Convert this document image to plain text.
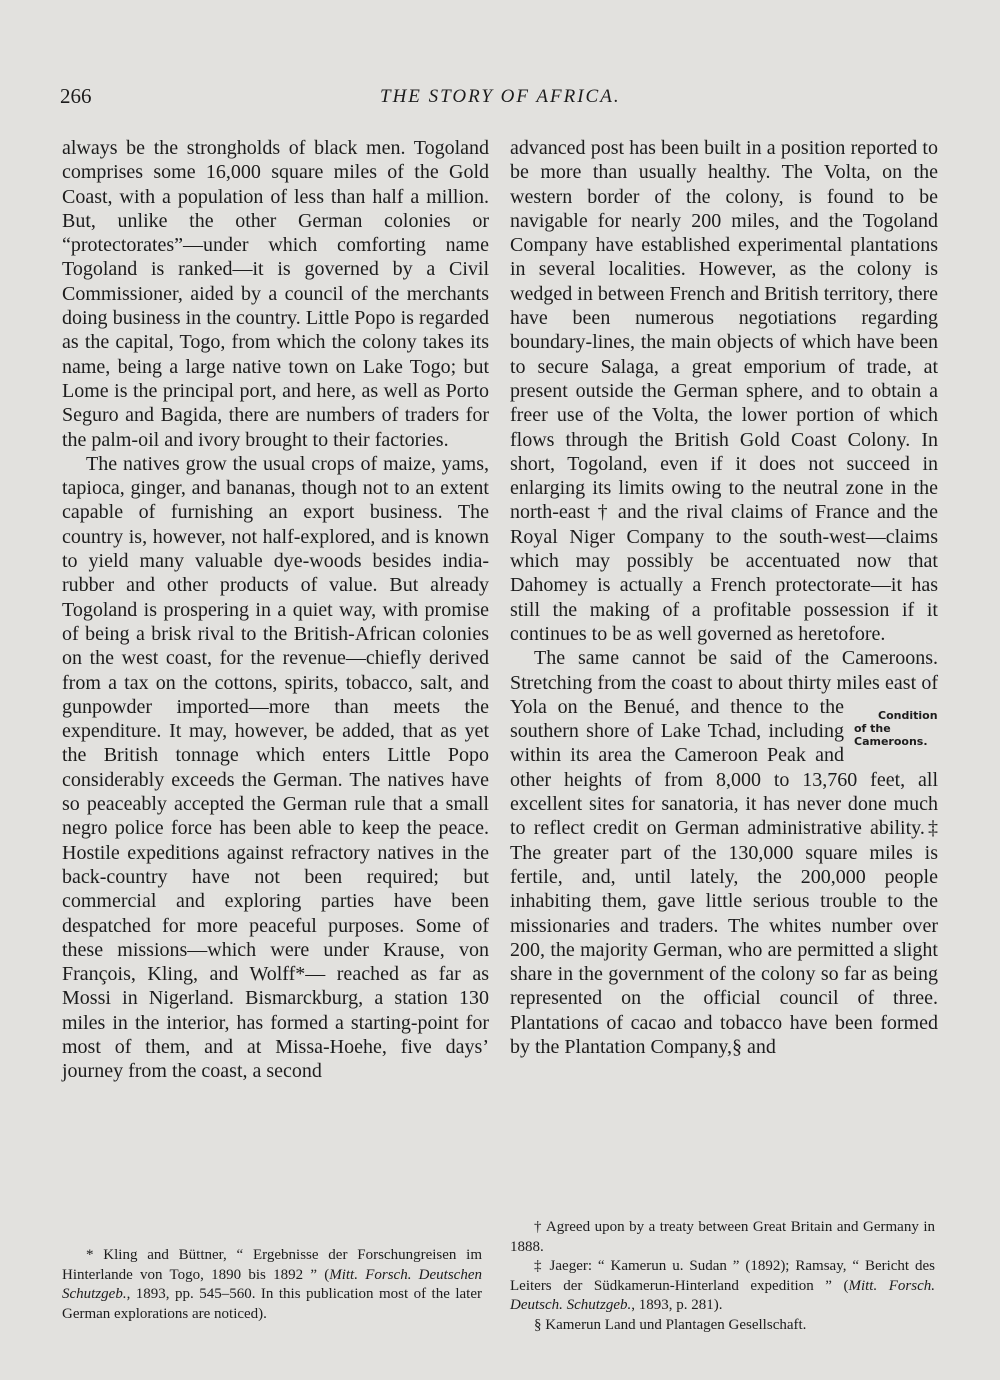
266	THE STORY OF AFRICA.

always be the strongholds of black men. Togoland comprises some 16,000 square miles of the Gold Coast, with a population of less than half a million. But, unlike the other German colonies or “protectorates”—under which comforting name Togoland is ranked—it is governed by a Civil Commissioner, aided by a council of the merchants doing business in the country. Little Popo is regarded as the capital, Togo, from which the colony takes its name, being a large native town on Lake Togo; but Lome is the principal port, and here, as well as Porto Seguro and Bagida, there are numbers of traders for the palm-oil and ivory brought to their factories.

The natives grow the usual crops of maize, yams, tapioca, ginger, and bananas, though not to an extent capable of furnishing an export business. The country is, however, not half-explored, and is known to yield many valuable dye-woods besides india-rubber and other products of value. But already Togoland is prospering in a quiet way, with promise of being a brisk rival to the British-African colonies on the west coast, for the revenue—chiefly derived from a tax on the cottons, spirits, tobacco, salt, and gunpowder imported—more than meets the expenditure. It may, however, be added, that as yet the British tonnage which enters Little Popo considerably exceeds the German. The natives have so peaceably accepted the German rule that a small negro police force has been able to keep the peace. Hostile expeditions against refractory natives in the back-country have not been required; but commercial and exploring parties have been despatched for more peaceful purposes. Some of these missions—which were under Krause, von François, Kling, and Wolff*— reached as far as Mossi in Nigerland. Bismarckburg, a station 130 miles in the interior, has formed a starting-point for most of them, and at Missa-Hoehe, five days’ journey from the coast, a second

advanced post has been built in a position reported to be more than usually healthy. The Volta, on the western border of the colony, is found to be navigable for nearly 200 miles, and the Togoland Company have established experimental plantations in several localities. However, as the colony is wedged in between French and British territory, there have been numerous negotiations regarding boundary-lines, the main objects of which have been to secure Salaga, a great emporium of trade, at present outside the German sphere, and to obtain a freer use of the Volta, the lower portion of which flows through the British Gold Coast Colony. In short, Togoland, even if it does not succeed in enlarging its limits owing to the neutral zone in the north-east † and the rival claims of France and the Royal Niger Company to the south-west—claims which may possibly be accentuated now that Dahomey is actually a French protectorate—it has still the making of a profitable possession if it continues to be as well governed as heretofore.

The same cannot be said of the Cameroons. Stretching from the coast to about thirty miles east of Yola on the Benué,	Condition
of the
Cameroons.
and thence to the southern shore of Lake Tchad, including within its area the Cameroon Peak and other heights of from 8,000 to 13,760 feet, all excellent sites for sanatoria, it has never done much to reflect credit on German administrative ability.‡ The greater part of the 130,000 square miles is fertile, and, until lately, the 200,000 people inhabiting them, gave little serious trouble to the missionaries and traders. The whites number over 200, the majority German, who are permitted a slight share in the government of the colony so far as being represented on the official council of three. Plantations of cacao and tobacco have been formed by the Plantation Company,§ and

* Kling and Büttner, “ Ergebnisse der Forschungreisen im Hinterlande von Togo, 1890 bis 1892 ” (Mitt. Forsch. Deutschen Schutzgeb., 1893, pp. 545–560. In this publication most of the later German explorations are noticed).

† Agreed upon by a treaty between Great Britain and Germany in 1888.

‡ Jaeger: “ Kamerun u. Sudan ” (1892); Ramsay, “ Bericht des Leiters der Südkamerun-Hinterland expedition ” (Mitt. Forsch. Deutsch. Schutzgeb., 1893, p. 281).

§ Kamerun Land und Plantagen Gesellschaft.
